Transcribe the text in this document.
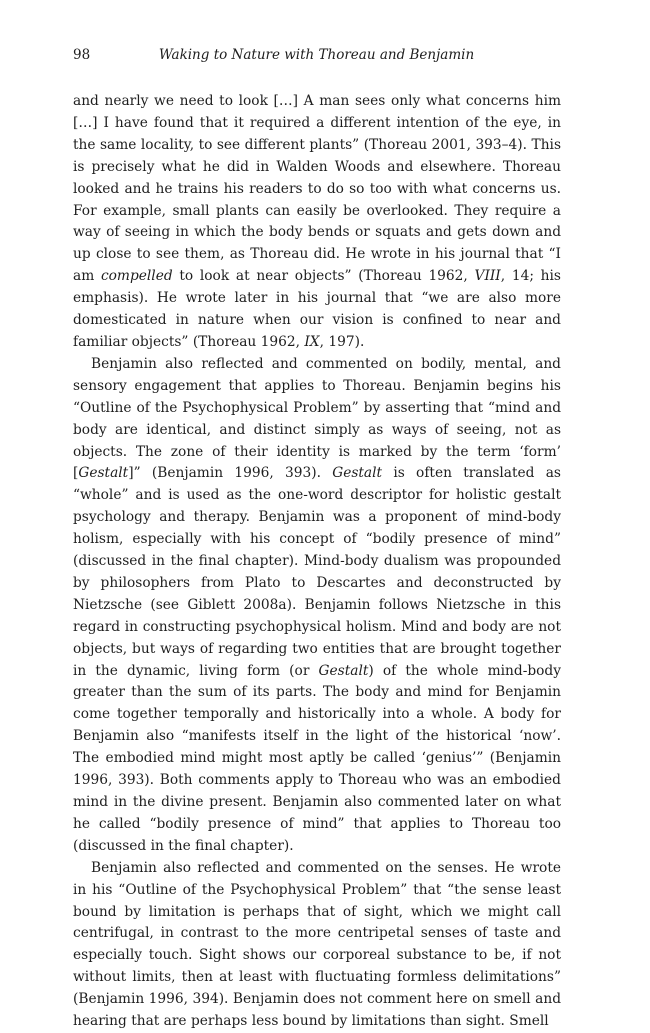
98	Waking to Nature with Thoreau and Benjamin

and nearly we need to look […] A man sees only what concerns him […] I have found that it required a different intention of the eye, in the same locality, to see different plants” (Thoreau 2001, 393–4). This is precisely what he did in Walden Woods and elsewhere. Thoreau looked and he trains his readers to do so too with what concerns us. For example, small plants can easily be overlooked. They require a way of seeing in which the body bends or squats and gets down and up close to see them, as Thoreau did. He wrote in his journal that “I am compelled to look at near objects” (Thoreau 1962, VIII, 14; his emphasis). He wrote later in his journal that “we are also more domesticated in nature when our vision is confined to near and familiar objects” (Thoreau 1962, IX, 197).

Benjamin also reflected and commented on bodily, mental, and sensory engagement that applies to Thoreau. Benjamin begins his “Outline of the Psychophysical Problem” by asserting that “mind and body are identical, and distinct simply as ways of seeing, not as objects. The zone of their identity is marked by the term ‘form’ [Gestalt]” (Benjamin 1996, 393). Gestalt is often translated as “whole” and is used as the one-word descriptor for holistic gestalt psychology and therapy. Benjamin was a proponent of mind-body holism, especially with his concept of “bodily presence of mind” (discussed in the final chapter). Mind-body dualism was propounded by philosophers from Plato to Descartes and deconstructed by Nietzsche (see Giblett 2008a). Benjamin follows Nietzsche in this regard in constructing psychophysical holism. Mind and body are not objects, but ways of regarding two entities that are brought together in the dynamic, living form (or Gestalt) of the whole mind-body greater than the sum of its parts. The body and mind for Benjamin come together temporally and historically into a whole. A body for Benjamin also “manifests itself in the light of the historical ‘now’. The embodied mind might most aptly be called ‘genius’” (Benjamin 1996, 393). Both comments apply to Thoreau who was an embodied mind in the divine present. Benjamin also commented later on what he called “bodily presence of mind” that applies to Thoreau too (discussed in the final chapter).

Benjamin also reflected and commented on the senses. He wrote in his “Outline of the Psychophysical Problem” that “the sense least bound by limitation is perhaps that of sight, which we might call centrifugal, in contrast to the more centripetal senses of taste and especially touch. Sight shows our corporeal substance to be, if not without limits, then at least with fluctuating formless delimitations” (Benjamin 1996, 394). Benjamin does not comment here on smell and hearing that are perhaps less bound by limitations than sight. Smell
